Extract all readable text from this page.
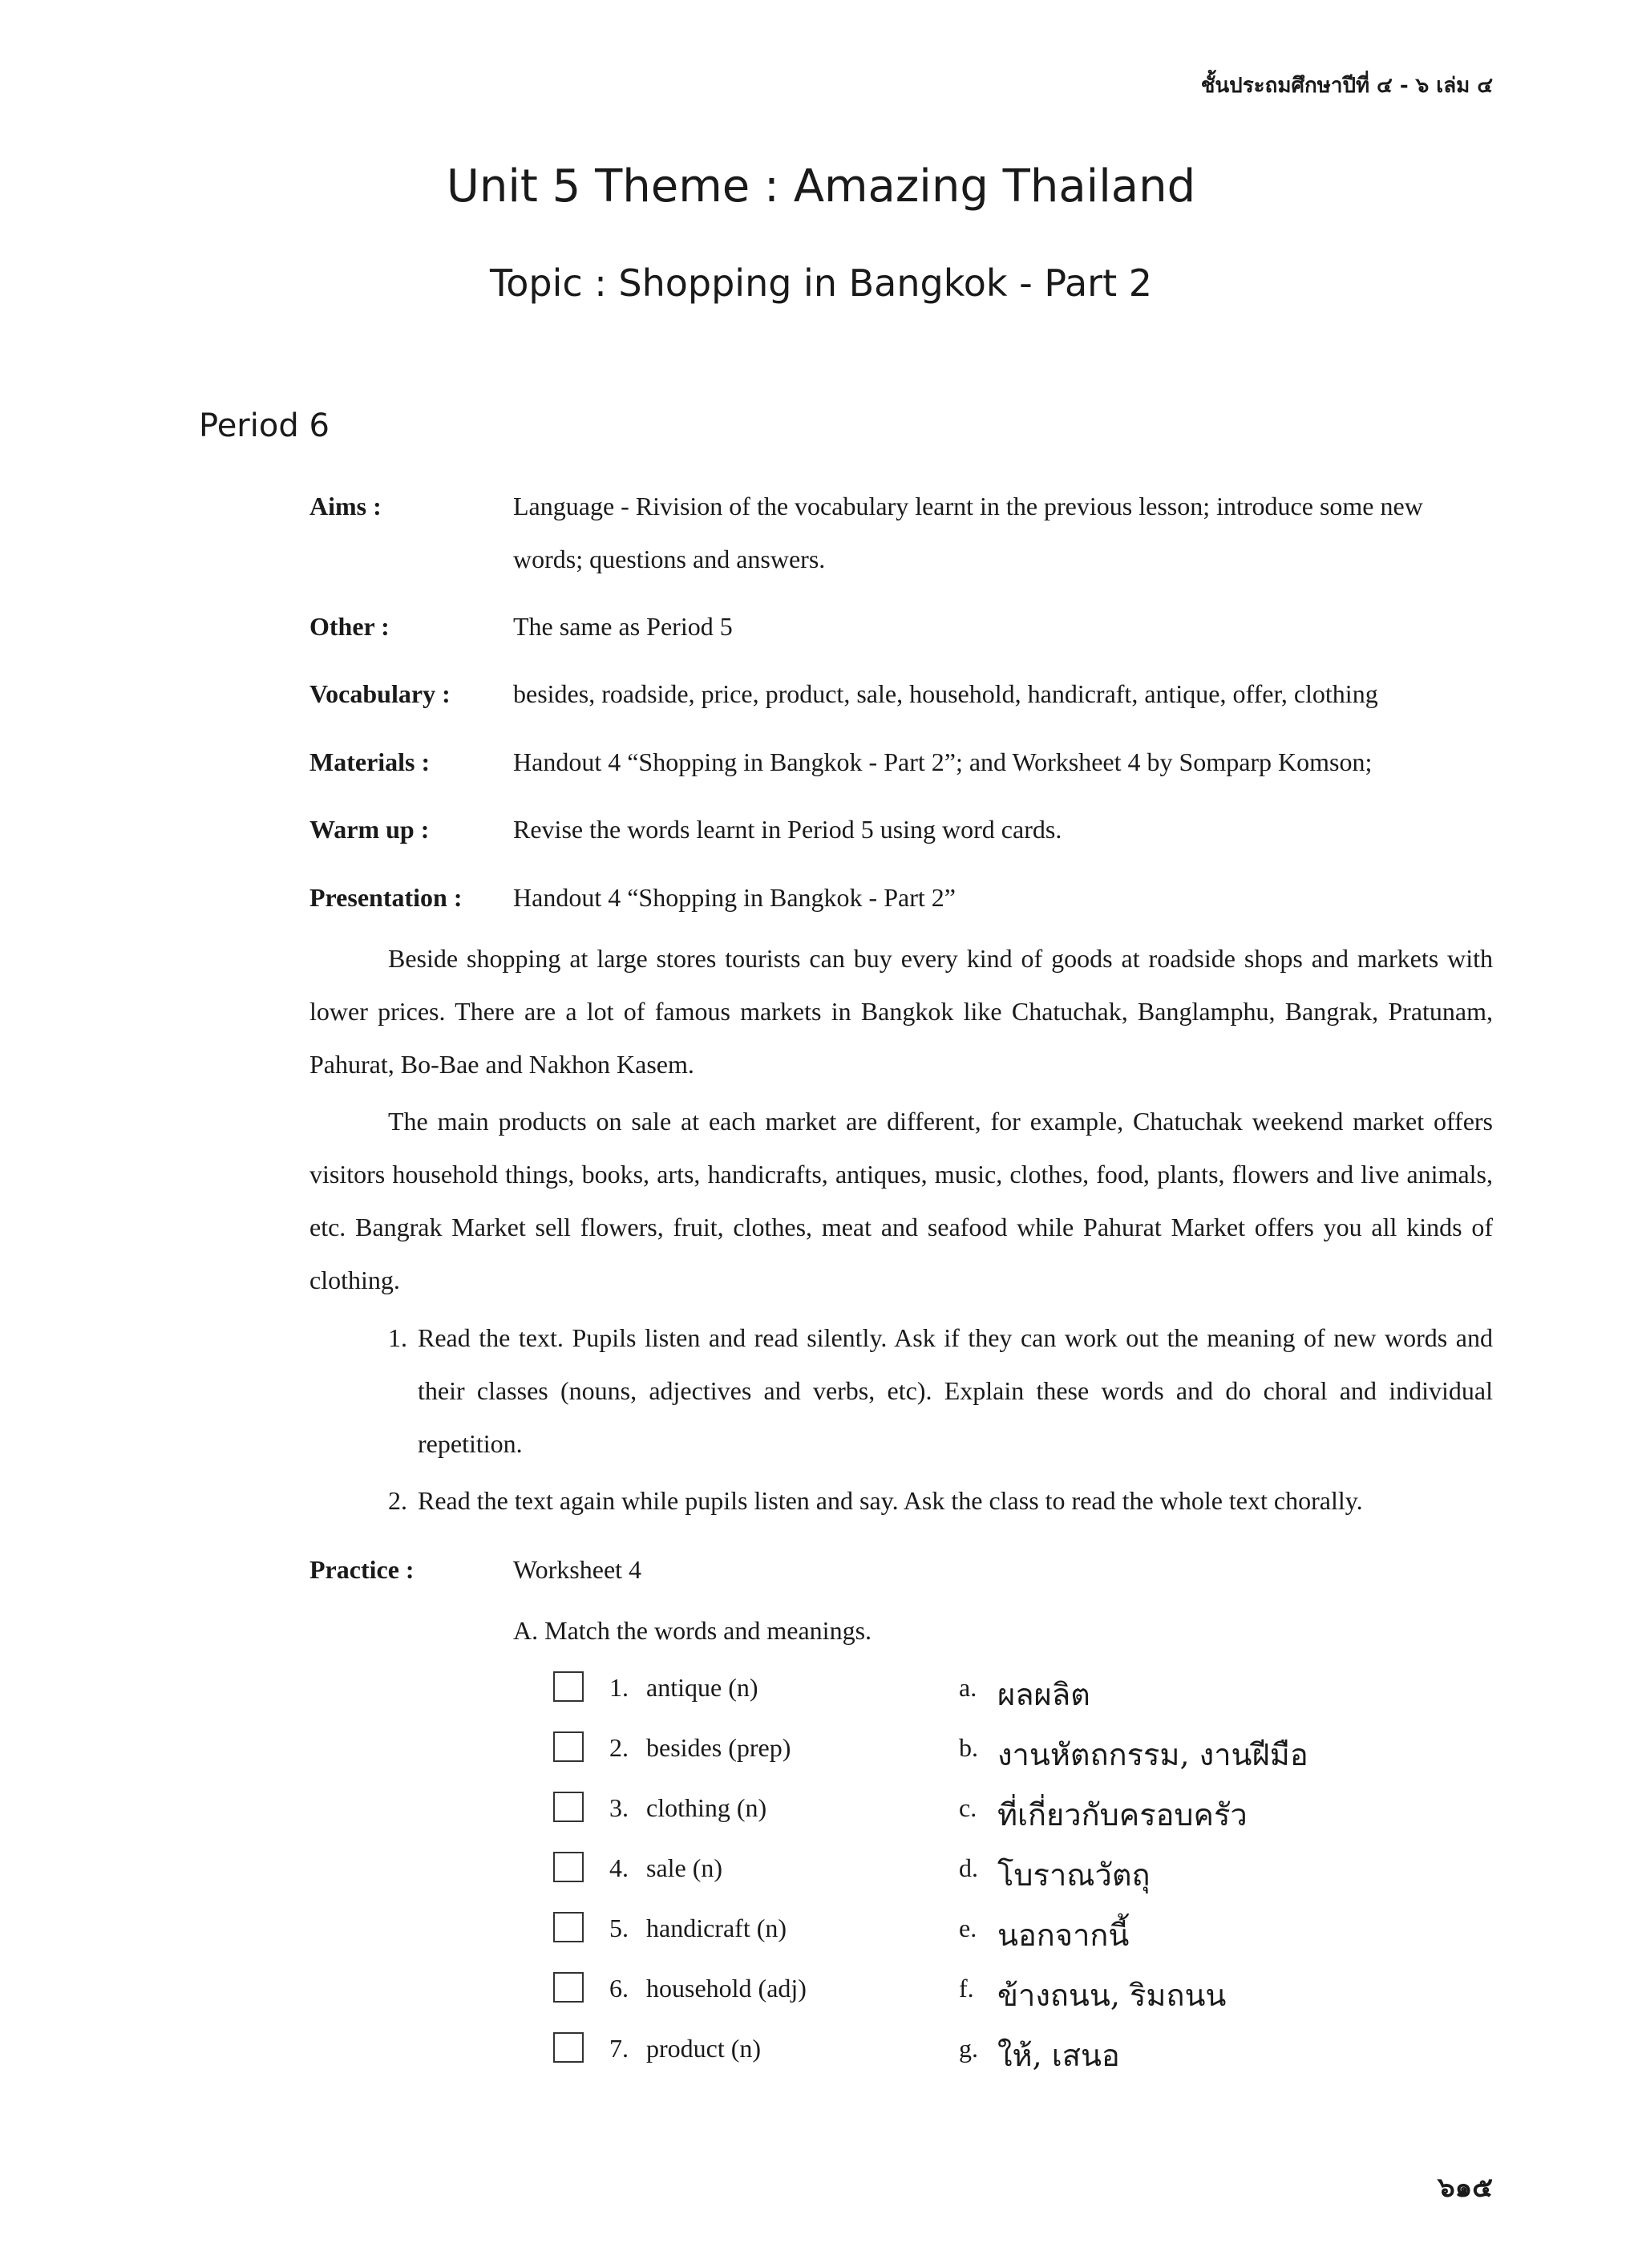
ชั้นประถมศึกษาปีที่ ๔ - ๖ เล่ม ๔
Unit 5 Theme : Amazing Thailand
Topic : Shopping in Bangkok - Part 2
Period 6
Aims :	Language - Rivision of the vocabulary learnt in the previous lesson; introduce some new
words; questions and answers.
Other :	The same as Period 5
Vocabulary : besides, roadside, price, product, sale, household, handicraft, antique, offer, clothing
Materials :	Handout 4 “Shopping in Bangkok - Part 2”; and Worksheet 4 by Somparp Komson;
Warm up :	Revise the words learnt in Period 5 using word cards.
Presentation : Handout 4 “Shopping in Bangkok - Part 2”
Beside shopping at large stores tourists can buy every kind of goods at roadside shops and markets with lower prices. There are a lot of famous markets in Bangkok like Chatuchak, Banglamphu, Bangrak, Pratunam, Pahurat, Bo-Bae and Nakhon Kasem.
The main products on sale at each market are different, for example, Chatuchak weekend market offers visitors household things, books, arts, handicrafts, antiques, music, clothes, food, plants, flowers and live animals, etc. Bangrak Market sell flowers, fruit, clothes, meat and seafood while Pahurat Market offers you all kinds of clothing.
1. Read the text. Pupils listen and read silently. Ask if they can work out the meaning of new words and their classes (nouns, adjectives and verbs, etc). Explain these words and do choral and individual repetition.
2. Read the text again while pupils listen and say. Ask the class to read the whole text chorally.
Practice :	Worksheet 4
A. Match the words and meanings.
1. antique (n)	a. ผลผลิต
2. besides (prep)	b. งานหัตถกรรม, งานฝีมือ
3. clothing (n)	c. ที่เกี่ยวกับครอบครัว
4. sale (n)	d. โบราณวัตถุ
5. handicraft (n)	e. นอกจากนี้
6. household (adj)	f. ข้างถนน, ริมถนน
7. product (n)	g. ให้, เสนอ
๖๑๕
